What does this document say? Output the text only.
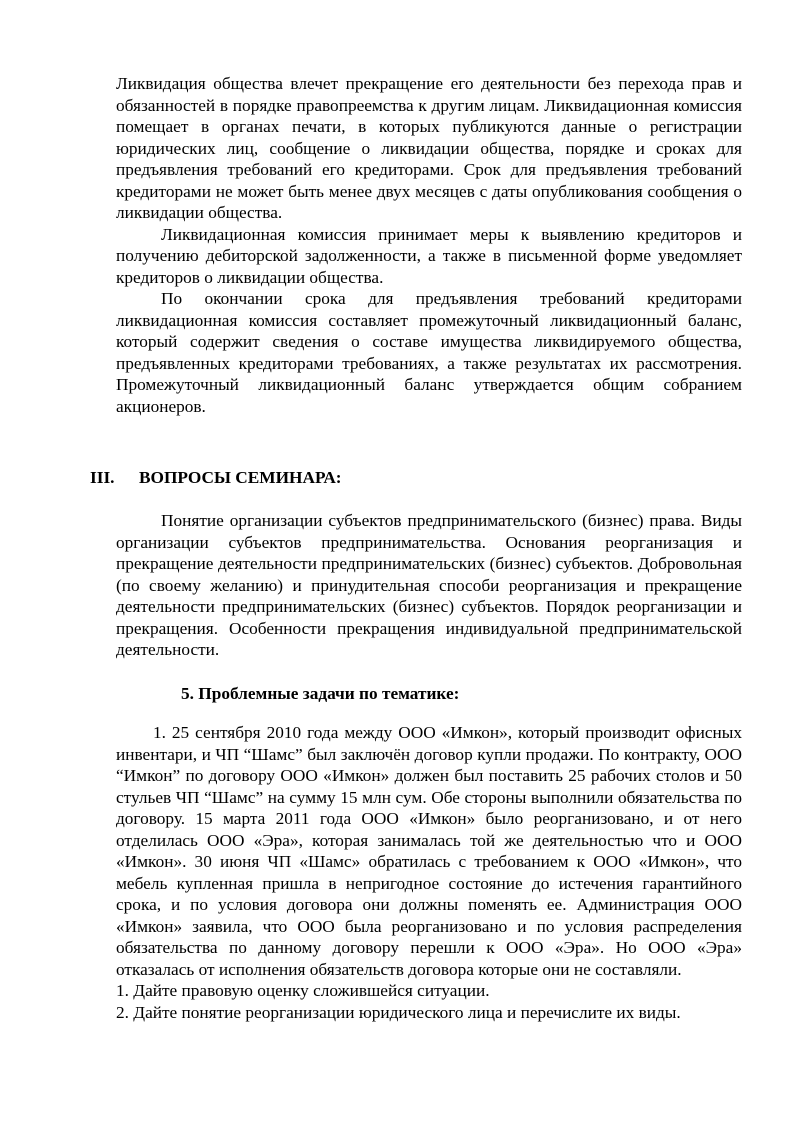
Ликвидация общества влечет прекращение его деятельности без перехода прав и обязанностей в порядке правопреемства к другим лицам. Ликвидационная комиссия помещает в органах печати, в которых публикуются данные о регистрации юридических лиц, сообщение о ликвидации общества, порядке и сроках для предъявления требований его кредиторами. Срок для предъявления требований кредиторами не может быть менее двух месяцев с даты опубликования сообщения о ликвидации общества.

Ликвидационная комиссия принимает меры к выявлению кредиторов и получению дебиторской задолженности, а также в письменной форме уведомляет кредиторов о ликвидации общества.

По окончании срока для предъявления требований кредиторами ликвидационная комиссия составляет промежуточный ликвидационный баланс, который содержит сведения о составе имущества ликвидируемого общества, предъявленных кредиторами требованиях, а также результатах их рассмотрения. Промежуточный ликвидационный баланс утверждается общим собранием акционеров.

III. ВОПРОСЫ СЕМИНАРА:

Понятие организации субъектов предпринимательского (бизнес) права. Виды организации субъектов предпринимательства. Основания реорганизация и прекращение деятельности предпринимательских (бизнес) субъектов. Добровольная (по своему желанию) и принудительная способи реорганизация и прекращение деятельности предпринимательских (бизнес) субъектов. Порядок реорганизации и прекращения. Особенности прекращения индивидуальной предпринимательской деятельности.

5. Проблемные задачи по тематике:

1. 25 сентября 2010 года между ООО «Имкон», который производит офисных инвентари, и ЧП “Шамс” был заключён договор купли продажи. По контракту, ООО “Имкон” по договору ООО «Имкон» должен был поставить 25 рабочих столов и 50 стульев ЧП “Шамс” на сумму 15 млн сум. Обе стороны выполнили обязательства по договору. 15 марта 2011 года ООО «Имкон» было реорганизовано, и от него отделилась ООО «Эра», которая занималась той же деятельностью что и ООО «Имкон». 30 июня ЧП «Шамс» обратилась с требованием к ООО «Имкон», что мебель купленная пришла в непригодное состояние до истечения гарантийного срока, и по условия договора они должны поменять ее. Администрация ООО «Имкон» заявила, что ООО была реорганизовано и по условия распределения обязательства по данному договору перешли к ООО «Эра». Но ООО «Эра» отказалась от исполнения обязательств договора которые они не составляли.

1. Дайте правовую оценку сложившейся ситуации.

2. Дайте понятие реорганизации юридического лица и перечислите их виды.
